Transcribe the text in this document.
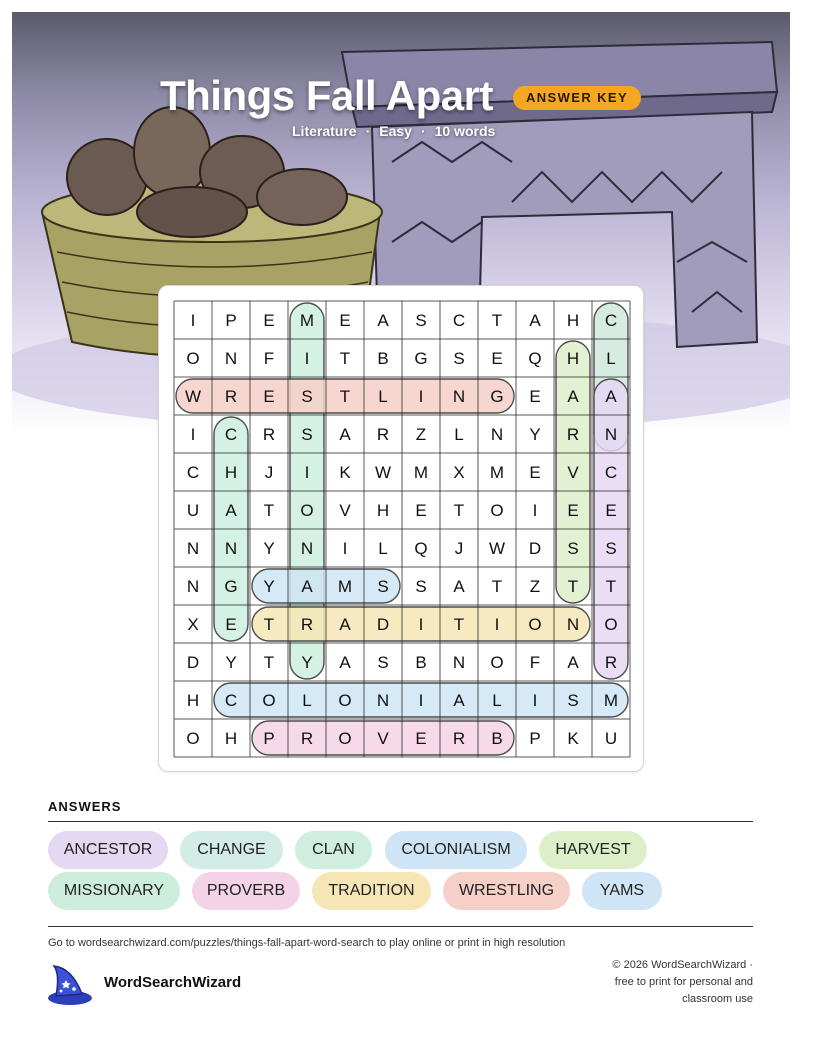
Things Fall Apart	ANSWER KEY
Literature · Easy · 10 words
I P E M E A S C T A H C
O N F I T B G S E Q H L
W R E S T L I N G E A A
I C R S A R Z L N Y R N
C H J I K W M X M E V C
U A T O V H E T O I E E
N N Y N I L Q J W D S S
N G Y A M S S A T Z T T
X E T R A D I T I O N O
D Y T Y A S B N O F A R
H C O L O N I A L I S M
O H P R O V E R B P K U
ANSWERS
ANCESTOR	CHANGE	CLAN	COLONIALISM	HARVEST
MISSIONARY	PROVERB	TRADITION	WRESTLING	YAMS
Go to wordsearchwizard.com/puzzles/things-fall-apart-word-search to play online or print in high resolution
WordSearchWizard
© 2026 WordSearchWizard ·
free to print for personal and
classroom use
